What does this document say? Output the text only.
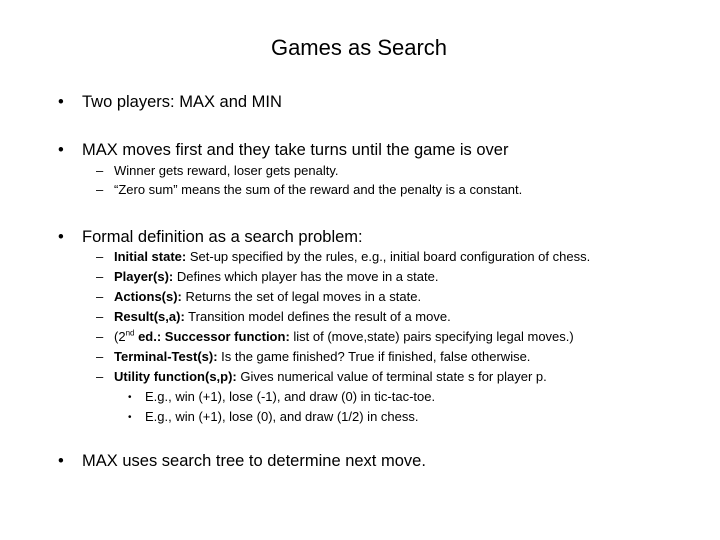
Games as Search
• Two players: MAX and MIN
• MAX moves first and they take turns until the game is over
– Winner gets reward, loser gets penalty.
– “Zero sum” means the sum of the reward and the penalty is a constant.
• Formal definition as a search problem:
– Initial state: Set-up specified by the rules, e.g., initial board configuration of chess.
– Player(s): Defines which player has the move in a state.
– Actions(s): Returns the set of legal moves in a state.
– Result(s,a): Transition model defines the result of a move.
– (2nd ed.: Successor function: list of (move,state) pairs specifying legal moves.)
– Terminal-Test(s): Is the game finished? True if finished, false otherwise.
– Utility function(s,p): Gives numerical value of terminal state s for player p.
• E.g., win (+1), lose (-1), and draw (0) in tic-tac-toe.
• E.g., win (+1), lose (0), and draw (1/2) in chess.
• MAX uses search tree to determine next move.
